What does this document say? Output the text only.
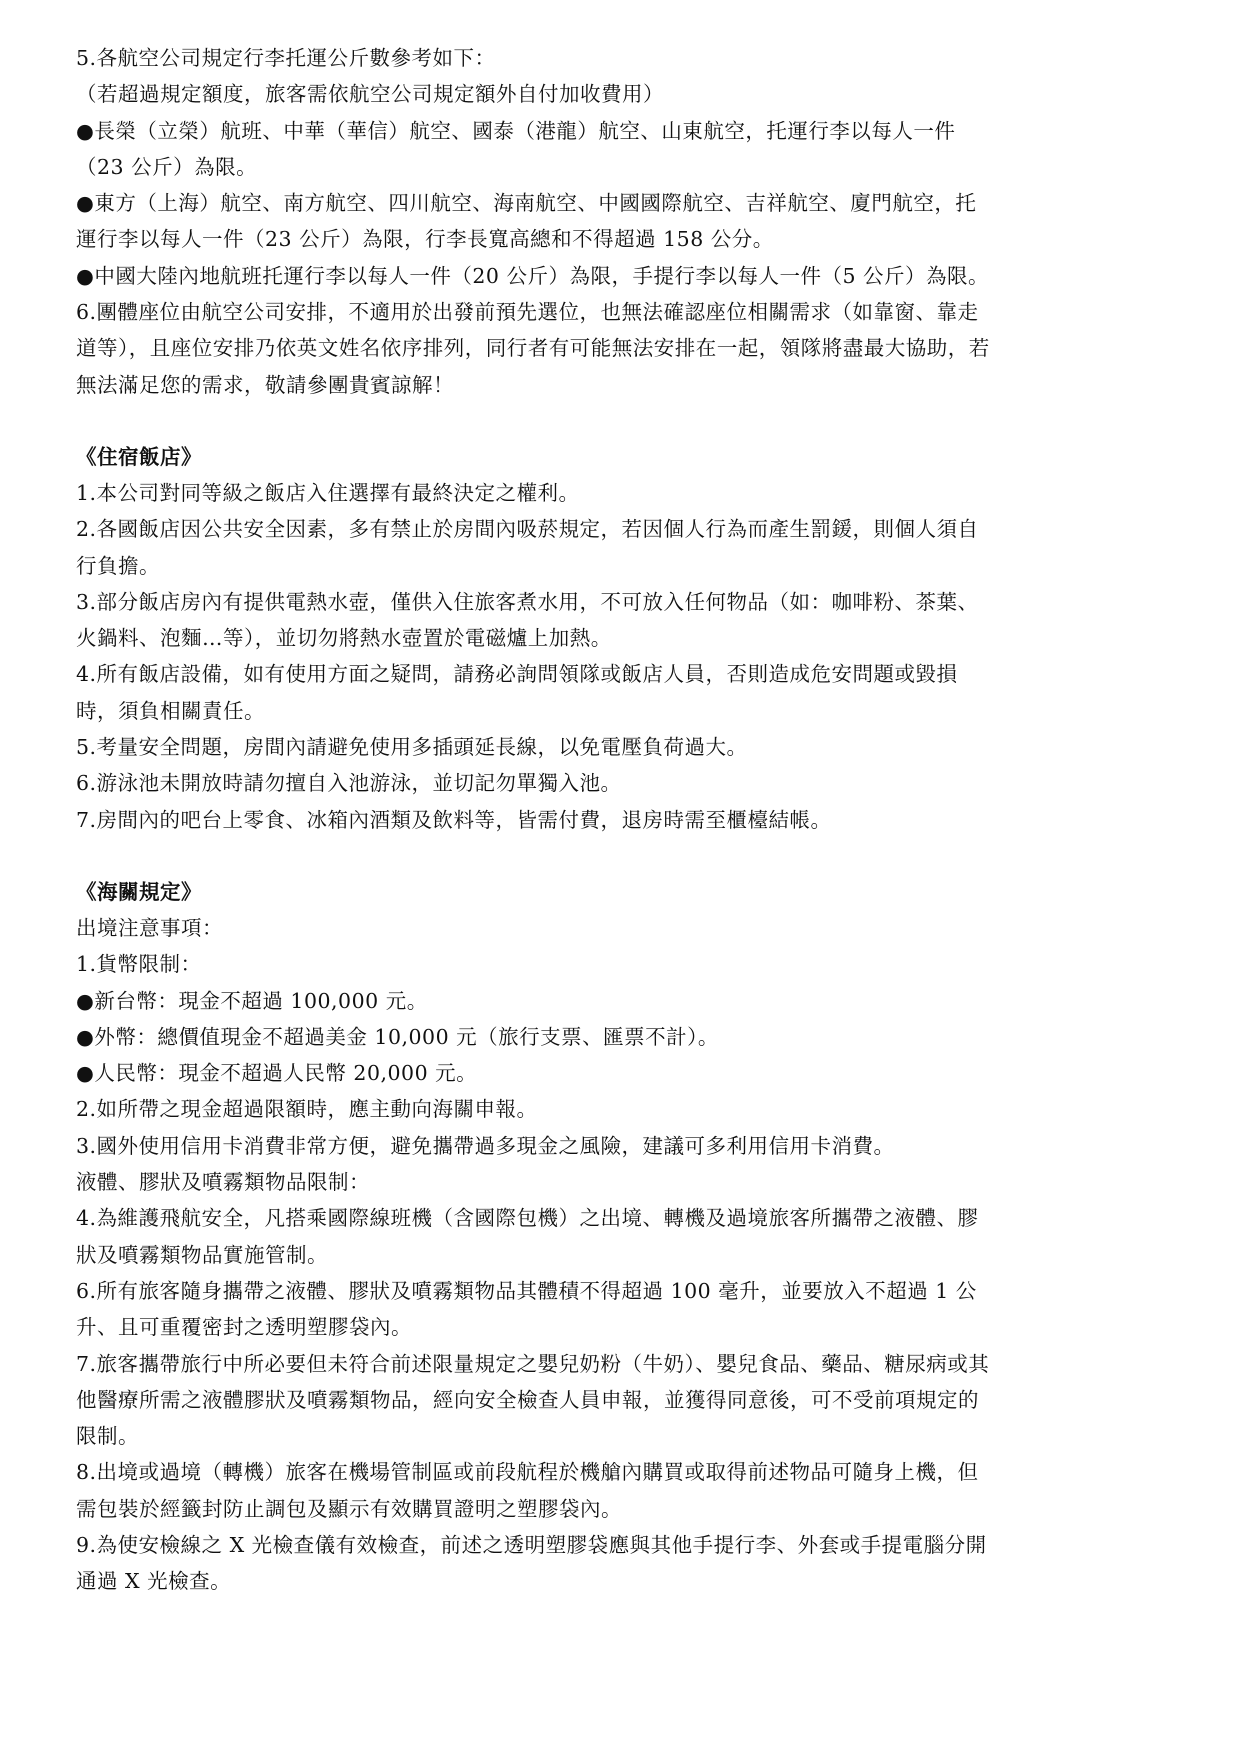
5.各航空公司規定行李托運公斤數參考如下：
（若超過規定額度，旅客需依航空公司規定額外自付加收費用）
●長榮（立榮）航班、中華（華信）航空、國泰（港龍）航空、山東航空，托運行李以每人一件
（23 公斤）為限。
●東方（上海）航空、南方航空、四川航空、海南航空、中國國際航空、吉祥航空、廈門航空，托
運行李以每人一件（23 公斤）為限，行李長寬高總和不得超過 158 公分。
●中國大陸內地航班托運行李以每人一件（20 公斤）為限，手提行李以每人一件（5 公斤）為限。
6.團體座位由航空公司安排，不適用於出發前預先選位，也無法確認座位相關需求（如靠窗、靠走
道等），且座位安排乃依英文姓名依序排列，同行者有可能無法安排在一起，領隊將盡最大協助，若
無法滿足您的需求，敬請參團貴賓諒解！
《住宿飯店》
1.本公司對同等級之飯店入住選擇有最終決定之權利。
2.各國飯店因公共安全因素，多有禁止於房間內吸菸規定，若因個人行為而產生罰鍰，則個人須自
行負擔。
3.部分飯店房內有提供電熱水壺，僅供入住旅客煮水用，不可放入任何物品（如：咖啡粉、茶葉、
火鍋料、泡麵…等），並切勿將熱水壺置於電磁爐上加熱。
4.所有飯店設備，如有使用方面之疑問，請務必詢問領隊或飯店人員，否則造成危安問題或毀損
時，須負相關責任。
5.考量安全問題，房間內請避免使用多插頭延長線，以免電壓負荷過大。
6.游泳池未開放時請勿擅自入池游泳，並切記勿單獨入池。
7.房間內的吧台上零食、冰箱內酒類及飲料等，皆需付費，退房時需至櫃檯結帳。
《海關規定》
出境注意事項：
1.貨幣限制：
●新台幣：現金不超過 100,000 元。
●外幣：總價值現金不超過美金 10,000 元（旅行支票、匯票不計）。
●人民幣：現金不超過人民幣 20,000 元。
2.如所帶之現金超過限額時，應主動向海關申報。
3.國外使用信用卡消費非常方便，避免攜帶過多現金之風險，建議可多利用信用卡消費。
液體、膠狀及噴霧類物品限制：
4.為維護飛航安全，凡搭乘國際線班機（含國際包機）之出境、轉機及過境旅客所攜帶之液體、膠
狀及噴霧類物品實施管制。
6.所有旅客隨身攜帶之液體、膠狀及噴霧類物品其體積不得超過 100 毫升，並要放入不超過 1 公
升、且可重覆密封之透明塑膠袋內。
7.旅客攜帶旅行中所必要但未符合前述限量規定之嬰兒奶粉（牛奶）、嬰兒食品、藥品、糖尿病或其
他醫療所需之液體膠狀及噴霧類物品，經向安全檢查人員申報，並獲得同意後，可不受前項規定的
限制。
8.出境或過境（轉機）旅客在機場管制區或前段航程於機艙內購買或取得前述物品可隨身上機，但
需包裝於經籤封防止調包及顯示有效購買證明之塑膠袋內。
9.為使安檢線之 X 光檢查儀有效檢查，前述之透明塑膠袋應與其他手提行李、外套或手提電腦分開
通過 X 光檢查。
